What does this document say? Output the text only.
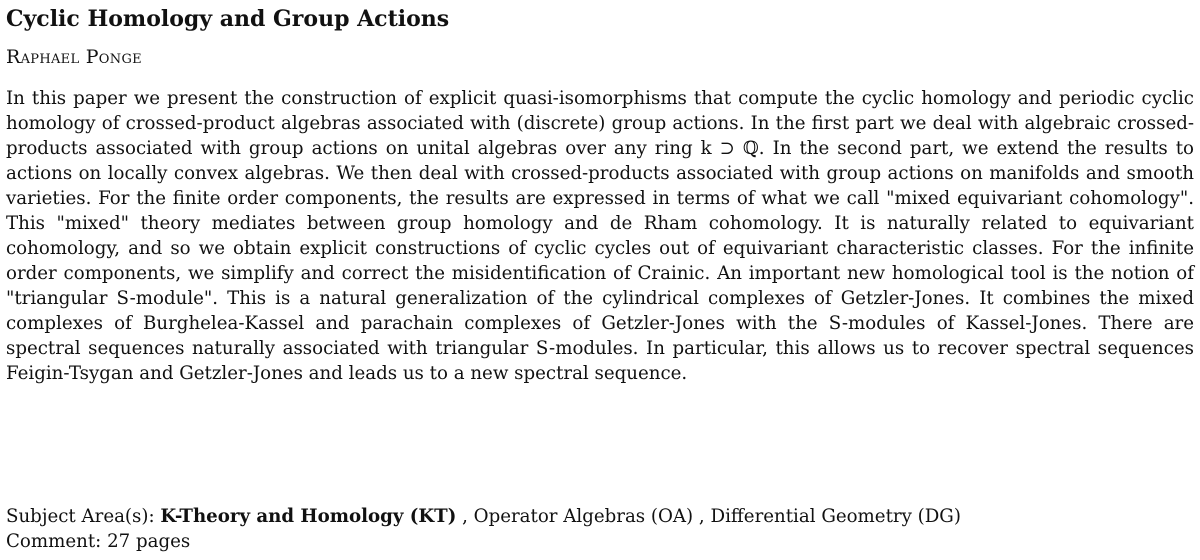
Cyclic Homology and Group Actions
Raphael Ponge

In this paper we present the construction of explicit quasi-isomorphisms that compute the cyclic homology and periodic cyclic homology of crossed-product algebras associated with (discrete) group actions. In the first part we deal with algebraic crossed-products associated with group actions on unital algebras over any ring k ⊃ ℚ. In the second part, we extend the results to actions on locally convex algebras. We then deal with crossed-products associated with group actions on manifolds and smooth varieties. For the finite order components, the results are expressed in terms of what we call "mixed equivariant cohomology". This "mixed" theory mediates between group homology and de Rham cohomology. It is naturally related to equivariant cohomology, and so we obtain explicit constructions of cyclic cycles out of equivariant characteristic classes. For the infinite order components, we simplify and correct the misidentification of Crainic. An important new homological tool is the notion of "triangular S-module". This is a natural generalization of the cylindrical complexes of Getzler-Jones. It combines the mixed complexes of Burghelea-Kassel and parachain complexes of Getzler-Jones with the S-modules of Kassel-Jones. There are spectral sequences naturally associated with triangular S-modules. In particular, this allows us to recover spectral sequences Feigin-Tsygan and Getzler-Jones and leads us to a new spectral sequence.

Subject Area(s): K-Theory and Homology (KT) , Operator Algebras (OA) , Differential Geometry (DG)
Comment: 27 pages
